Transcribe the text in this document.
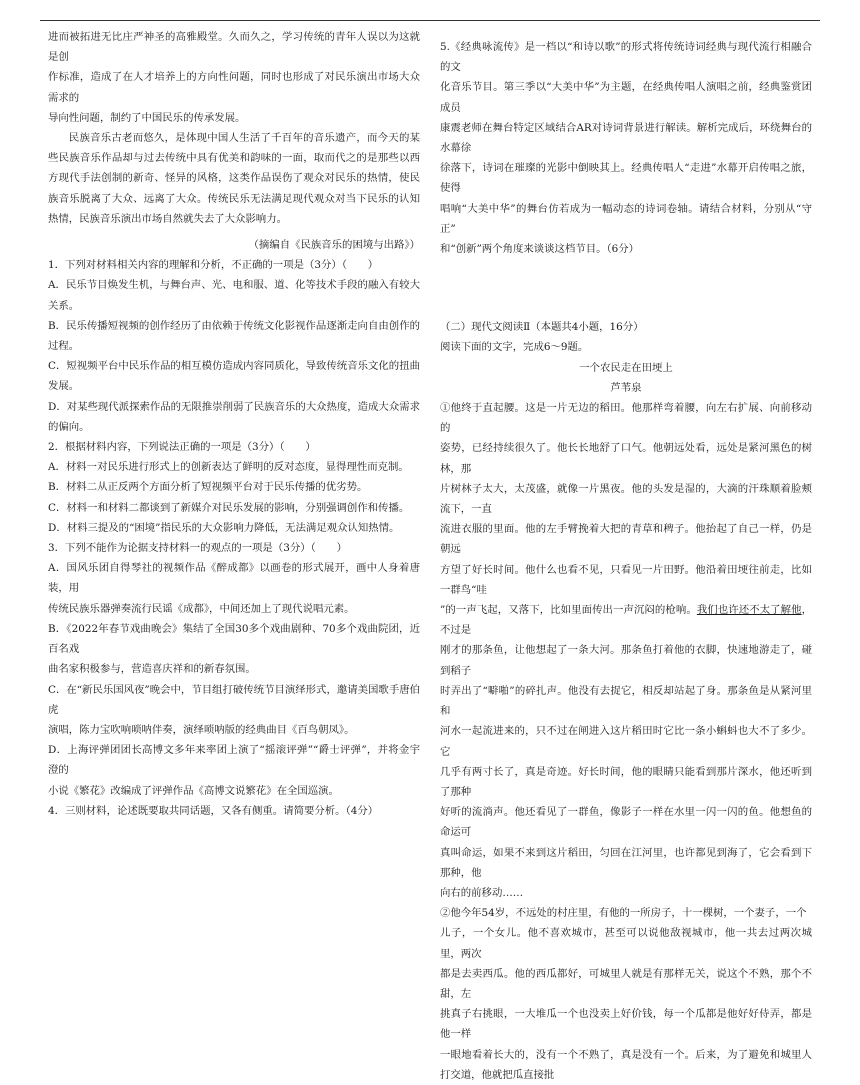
进而被拓进无比庄严神圣的高雅殿堂。久而久之，学习传统的青年人误以为这就是创
作标准，造成了在人才培养上的方向性问题，同时也形成了对民乐演出市场大众需求的
导向性问题，制约了中国民乐的传承发展。
民族音乐古老而悠久，是体现中国人生活了千百年的音乐遗产，而今天的某些民族音乐作品却与过去传统中具有优美和韵味的一面，取而代之的是那些以西方现代手法创制的新奇、怪异的风格，这类作品误伤了观众对民乐的热情，使民族音乐脱离了大众、远离了大众。传统民乐无法满足现代观众对当下民乐的认知热情，民族音乐演出市场自然就失去了大众影响力。
（摘编自《民族音乐的困境与出路》）
1．下列对材料相关内容的理解和分析，不正确的一项是（3分）（　　）
A．民乐节目焕发生机，与舞台声、光、电和服、道、化等技术手段的融入有较大关系。
B．民乐传播短视频的创作经历了由依赖于传统文化影视作品逐渐走向自由创作的过程。
C．短视频平台中民乐作品的相互模仿造成内容同质化，导致传统音乐文化的扭曲发展。
D．对某些现代派探索作品的无限推崇削弱了民族音乐的大众热度，造成大众需求的偏向。
2．根据材料内容，下列说法正确的一项是（3分）（　　）
A．材料一对民乐进行形式上的创新表达了鲜明的反对态度，显得理性而克制。
B．材料二从正反两个方面分析了短视频平台对于民乐传播的优劣势。
C．材料一和材料二都谈到了新媒介对民乐发展的影响，分别强调创作和传播。
D．材料三提及的“困境”指民乐的大众影响力降低，无法满足观众认知热情。
3．下列不能作为论据支持材料一的观点的一项是（3分）（　　）
A．国风乐团自得琴社的视频作品《醉成都》以画卷的形式展开，画中人身着唐装，用
传统民族乐器弹奏流行民谣《成都》，中间还加上了现代说唱元素。
B．《2022年春节戏曲晚会》集结了全国30多个戏曲剧种、70多个戏曲院团，近百名戏
曲名家积极参与，营造喜庆祥和的新春氛围。
C．在“新民乐国风夜”晚会中，节目组打破传统节目演绎形式，邀请美国歌手唐伯虎
演唱，陈力宝吹响唢呐伴奏，演绎唢呐版的经典曲目《百鸟朝凤》。
D．上海评弹团团长高博文多年来率团上演了“摇滚评弹”“爵士评弹”，并将金宇澄的
小说《繁花》改编成了评弹作品《高博文说繁花》在全国巡演。
4．三则材料，论述既要取共同话题，又各有侧重。请简要分析。（4分）
5.《经典咏流传》是一档以“和诗以歌”的形式将传统诗词经典与现代流行相融合的文
化音乐节目。第三季以“大美中华”为主题，在经典传唱人演唱之前，经典鉴赏团成员
康震老师在舞台特定区域结合AR对诗词背景进行解读。解析完成后，环绕舞台的水幕徐
徐落下，诗词在璀璨的光影中倒映其上。经典传唱人“走进”水幕开启传唱之旅，使得
唱响“大美中华”的舞台仿若成为一幅动态的诗词卷轴。请结合材料，分别从“守正”
和“创新”两个角度来谈谈这档节目。（6分）
（二）现代文阅读Ⅱ（本题共4小题，16分）
阅读下面的文字，完成6～9题。
一个农民走在田埂上
芦苇泉
①他终于直起腰。这是一片无边的稻田。他那样弯着腰，向左右扩展、向前移动的
姿势，已经持续很久了。他长长地舒了口气。他朝远处看，远处是紧河黑色的树林，那
片树林子太大，太茂盛，就像一片黑夜。他的头发是湿的，大滴的汗珠顺着脸颊流下，一直
流进衣服的里面。他的左手臂挽着大把的青草和稗子。他抬起了自己一样，仍是朝远
方望了好长时间。他什么也看不见，只看见一片田野。他沿着田埂往前走，比如一群鸟“哇
”的一声飞起，又落下，比如里面传出一声沉闷的枪响。我们也许还不太了解他，不过是
刚才的那条鱼，让他想起了一条大河。那条鱼打着他的衣脚，快速地游走了，碰到稻子
时弄出了“噼啪”的碎扎声。他没有去捉它，相反却站起了身。那条鱼是从紧河里和
河水一起流进来的，只不过在闸进入这片稻田时它比一条小蝌蚪也大不了多少。它
几乎有两寸长了，真是奇迹。好长时间，他的眼睛只能看到那片深水，他还听到了那种
好听的流淌声。他还看见了一群鱼，像影子一样在水里一闪一闪的鱼。他想鱼的命运可
真叫命运，如果不来到这片稻田，匀回在江河里，也许都见到海了，它会看到下那种，他
向右的前移动……
②他今年54岁，不远处的村庄里，有他的一所房子，十一棵树，一个妻子，一个
儿子，一个女儿。他不喜欢城市，甚至可以说他敌视城市，他一共去过两次城里，两次
都是去卖西瓜。他的西瓜都好，可城里人就是有那样无关，说这个不熟，那个不甜，左
挑真子右挑眼，一大堆瓜一个也没卖上好价钱，每一个瓜都是他好好侍弄，都是他一样
一眼地看着长大的，没有一个不熟了，真是没有一个。后来，为了避免和城里人打交道，他就把瓜直接批
